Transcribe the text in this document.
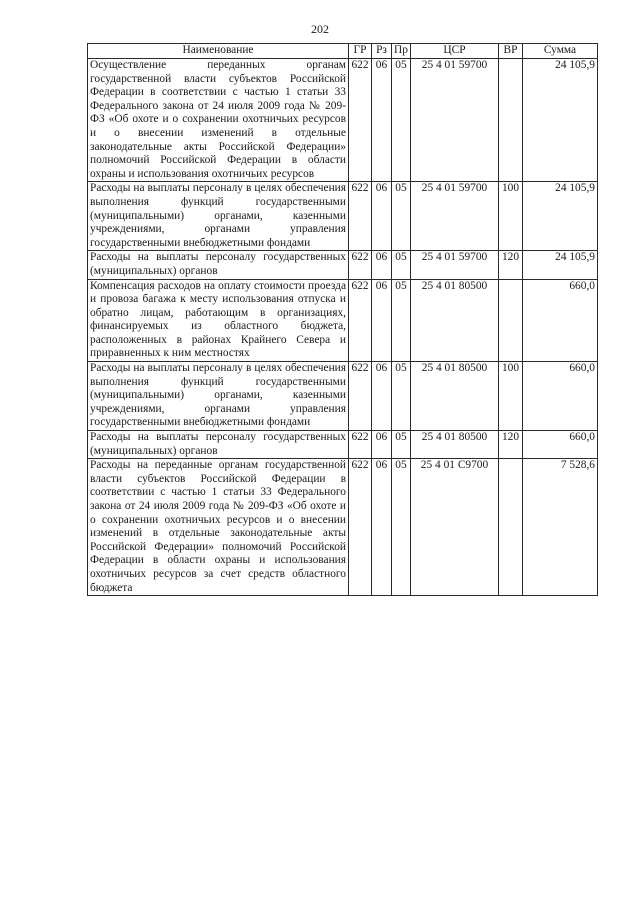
202
Наименование	ГР	Рз	Пр	ЦСР	ВР	Сумма
Осуществление переданных органам государственной власти субъектов Российской Федерации в соответствии с частью 1 статьи 33 Федерального закона от 24 июля 2009 года № 209-ФЗ «Об охоте и о сохранении охотничьих ресурсов и о внесении изменений в отдельные законодательные акты Российской Федерации» полномочий Российской Федерации в области охраны и использования охотничьих ресурсов	622	06	05	25 4 01 59700		24 105,9
Расходы на выплаты персоналу в целях обеспечения выполнения функций государственными (муниципальными) органами, казенными учреждениями, органами управления государственными внебюджетными фондами	622	06	05	25 4 01 59700	100	24 105,9
Расходы на выплаты персоналу государственных (муниципальных) органов	622	06	05	25 4 01 59700	120	24 105,9
Компенсация расходов на оплату стоимости проезда и провоза багажа к месту использования отпуска и обратно лицам, работающим в организациях, финансируемых из областного бюджета, расположенных в районах Крайнего Севера и приравненных к ним местностях	622	06	05	25 4 01 80500		660,0
Расходы на выплаты персоналу в целях обеспечения выполнения функций государственными (муниципальными) органами, казенными учреждениями, органами управления государственными внебюджетными фондами	622	06	05	25 4 01 80500	100	660,0
Расходы на выплаты персоналу государственных (муниципальных) органов	622	06	05	25 4 01 80500	120	660,0
Расходы на переданные органам государственной власти субъектов Российской Федерации в соответствии с частью 1 статьи 33 Федерального закона от 24 июля 2009 года № 209-ФЗ «Об охоте и о сохранении охотничьих ресурсов и о внесении изменений в отдельные законодательные акты Российской Федерации» полномочий Российской Федерации в области охраны и использования охотничьих ресурсов за счет средств областного бюджета	622	06	05	25 4 01 С9700		7 528,6
